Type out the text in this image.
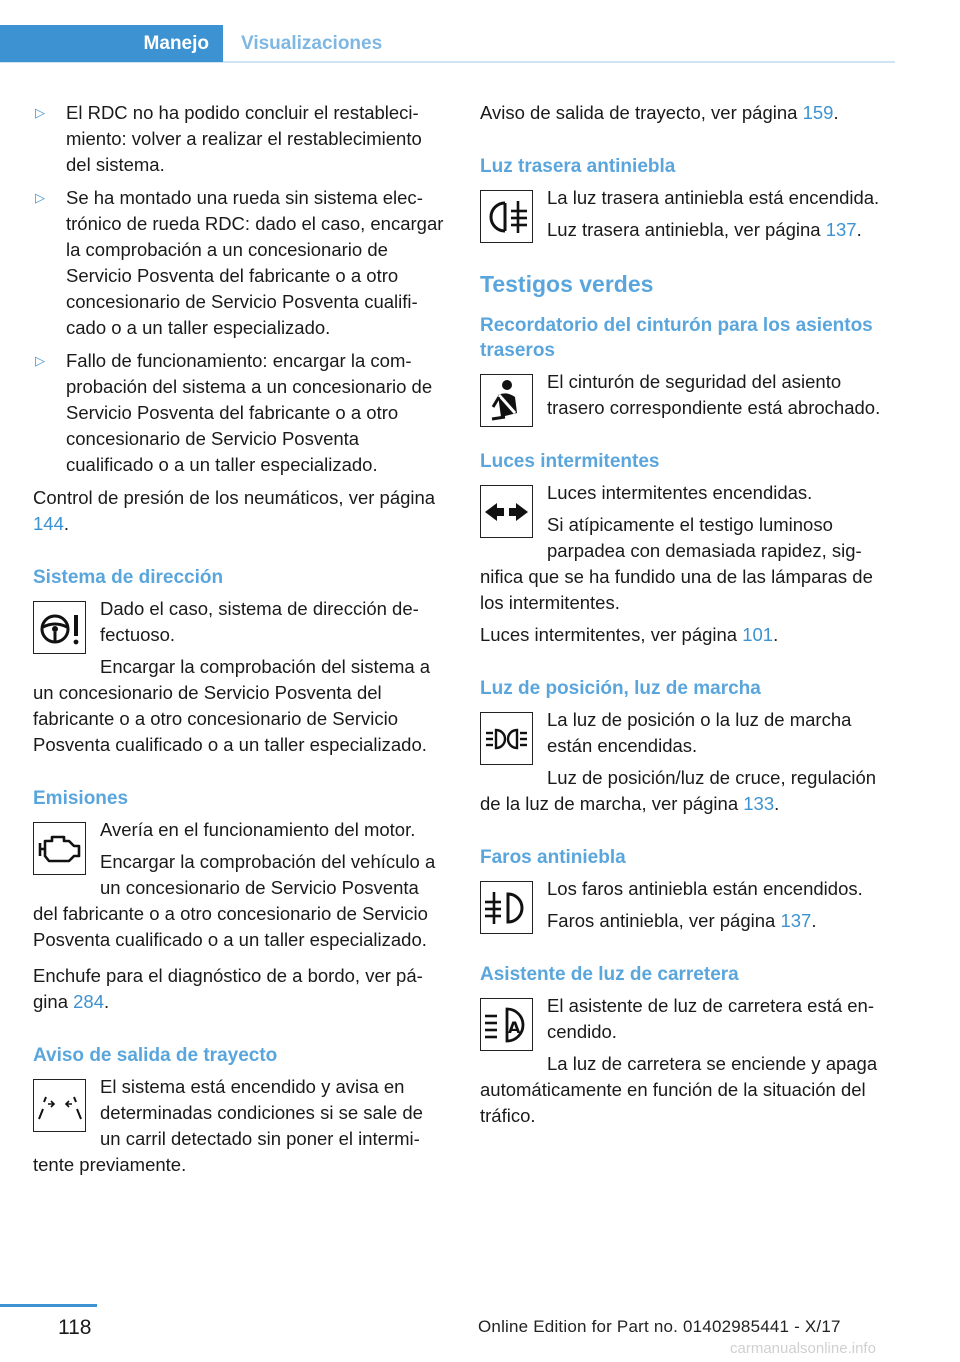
Manejo	Visualizaciones
▷ El RDC no ha podido concluir el restablecimiento: volver a realizar el restablecimiento del sistema.
▷ Se ha montado una rueda sin sistema electrónico de rueda RDC: dado el caso, encargar la comprobación a un concesionario de Servicio Posventa del fabricante o a otro concesionario de Servicio Posventa cualificado o a un taller especializado.
▷ Fallo de funcionamiento: encargar la comprobación del sistema a un concesionario de Servicio Posventa del fabricante o a otro concesionario de Servicio Posventa cualificado o a un taller especializado.

Control de presión de los neumáticos, ver página 144.

Sistema de dirección

Dado el caso, sistema de dirección defectuoso.

Encargar la comprobación del sistema a un concesionario de Servicio Posventa del fabricante o a otro concesionario de Servicio Posventa cualificado o a un taller especializado.

Emisiones

Avería en el funcionamiento del motor.

Encargar la comprobación del vehículo a un concesionario de Servicio Posventa del fabricante o a otro concesionario de Servicio Posventa cualificado o a un taller especializado.

Enchufe para el diagnóstico de a bordo, ver página 284.

Aviso de salida de trayecto

El sistema está encendido y avisa en determinadas condiciones si se sale de un carril detectado sin poner el intermitente previamente.

Aviso de salida de trayecto, ver página 159.

Luz trasera antiniebla

La luz trasera antiniebla está encendida.

Luz trasera antiniebla, ver página 137.

Testigos verdes
Recordatorio del cinturón para los asientos traseros

El cinturón de seguridad del asiento trasero correspondiente está abrochado.

Luces intermitentes

Luces intermitentes encendidas.

Si atípicamente el testigo luminoso parpadea con demasiada rapidez, significa que se ha fundido una de las lámparas de los intermitentes.

Luces intermitentes, ver página 101.

Luz de posición, luz de marcha

La luz de posición o la luz de marcha están encendidas.

Luz de posición/luz de cruce, regulación de la luz de marcha, ver página 133.

Faros antiniebla

Los faros antiniebla están encendidos.

Faros antiniebla, ver página 137.

Asistente de luz de carretera
A

El asistente de luz de carretera está encendido.

La luz de carretera se enciende y apaga automáticamente en función de la situación del tráfico.

118	Online Edition for Part no. 01402985441 - X/17
carmanualsonline.info
